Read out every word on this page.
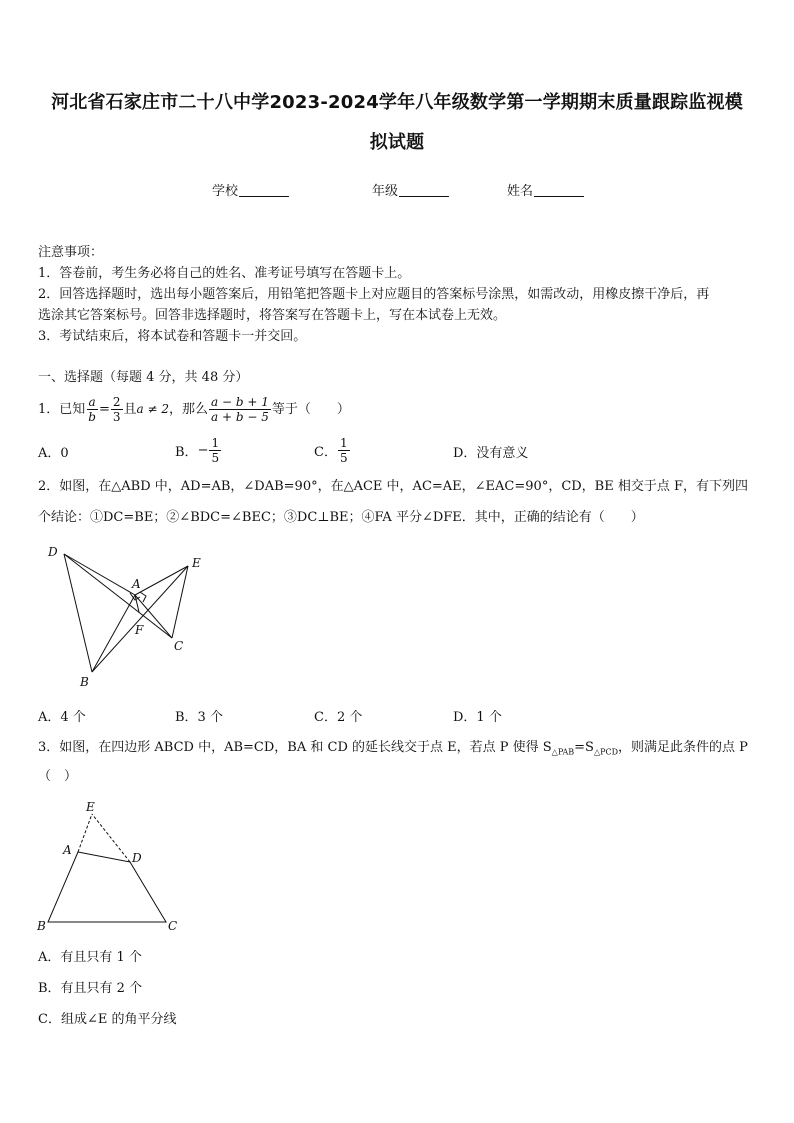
河北省石家庄市二十八中学2023-2024学年八年级数学第一学期期末质量跟踪监视模
拟试题
学校	年级	姓名
注意事项：
1．答卷前，考生务必将自己的姓名、准考证号填写在答题卡上。
2．回答选择题时，选出每小题答案后，用铅笔把答题卡上对应题目的答案标号涂黑，如需改动，用橡皮擦干净后，再
选涂其它答案标号。回答非选择题时，将答案写在答题卡上，写在本试卷上无效。
3．考试结束后，将本试卷和答题卡一并交回。
一、选择题（每题 4 分，共 48 分）
1．已知 $\frac{a}{b} = \frac{2}{3}$ 且 a ≠ 2 ，那么 $\frac{a - b + 1}{a + b - 5}$ 等于（　　）
A．0	B． − $\frac{1}{5}$	C． $\frac{1}{5}$	D．没有意义
2．如图，在△ABD 中，AD=AB，∠DAB=90°，在△ACE 中，AC=AE，∠EAC=90°，CD，BE 相交于点 F，有下列四
个结论：①DC=BE；②∠BDC=∠BEC；③DC⊥BE；④FA 平分∠DFE．其中，正确的结论有（　　）
D
A
E
F
C
B
A．4 个	B．3 个	C．2 个	D．1 个
3．如图，在四边形 ABCD 中，AB=CD，BA 和 CD 的延长线交于点 E，若点 P 使得 $S_{\triangle PAB}=S_{\triangle PCD}$，则满足此条件的点 P
（　）
E
A
D
B	C
A．有且只有 1 个
B．有且只有 2 个
C．组成∠E 的角平分线
